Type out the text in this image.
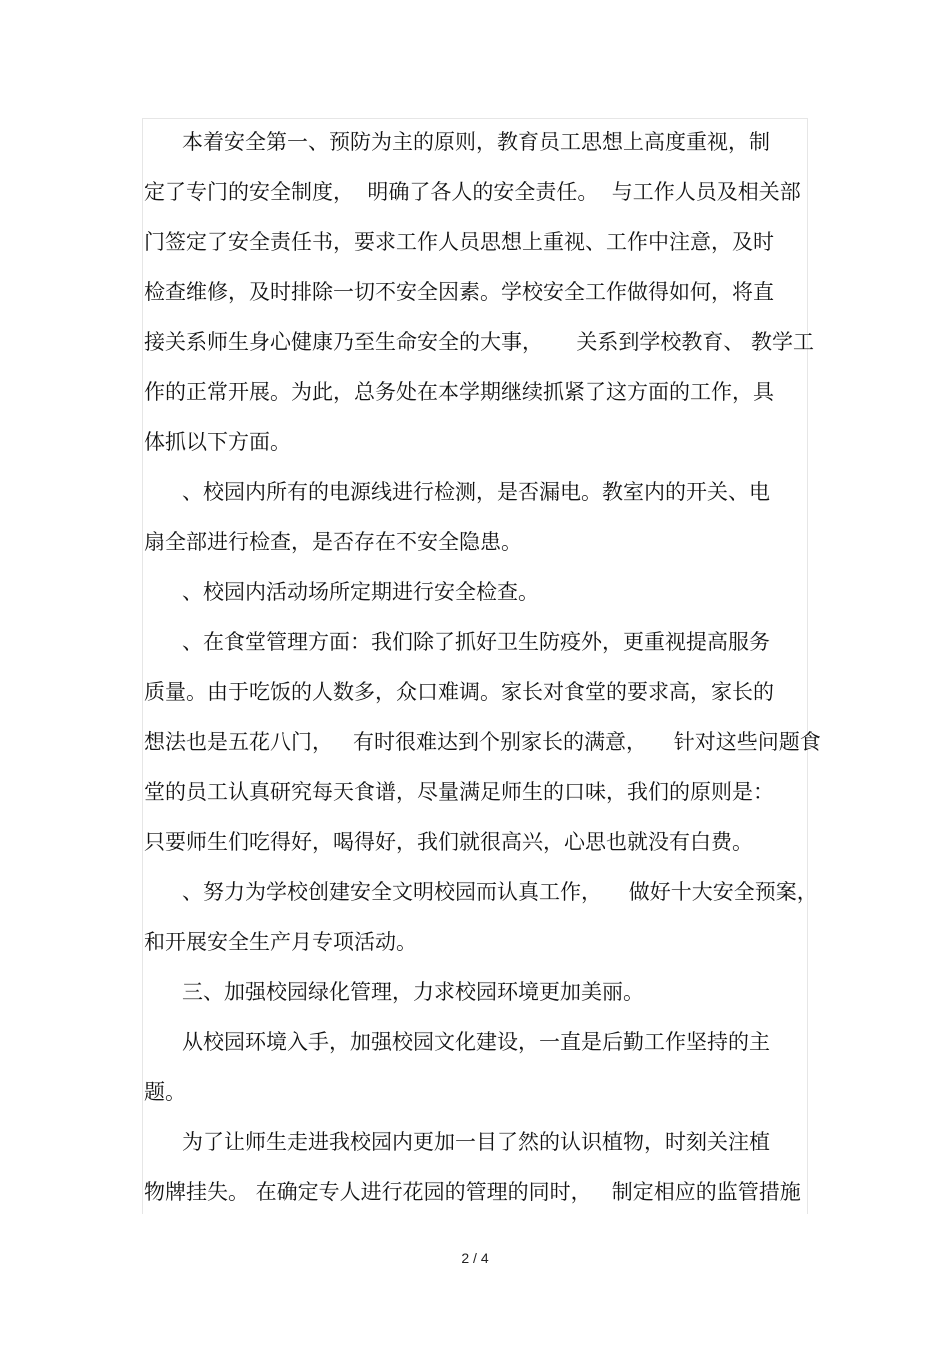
本着安全第一、预防为主的原则，教育员工思想上高度重视，制
定了专门的安全制度，  明确了各人的安全责任。  与工作人员及相关部
门签定了安全责任书，要求工作人员思想上重视、工作中注意，及时
检查维修，及时排除一切不安全因素。学校安全工作做得如何，将直
接关系师生身心健康乃至生命安全的大事，     关系到学校教育、 教学工
作的正常开展。为此，总务处在本学期继续抓紧了这方面的工作，具
体抓以下方面。
、校园内所有的电源线进行检测，是否漏电。教室内的开关、电
扇全部进行检查，是否存在不安全隐患。
、校园内活动场所定期进行安全检查。
、在食堂管理方面：我们除了抓好卫生防疫外，更重视提高服务
质量。由于吃饭的人数多，众口难调。家长对食堂的要求高，家长的
想法也是五花八门，   有时很难达到个别家长的满意，    针对这些问题食
堂的员工认真研究每天食谱，尽量满足师生的口味，我们的原则是：
只要师生们吃得好，喝得好，我们就很高兴，心思也就没有白费。
、努力为学校创建安全文明校园而认真工作，    做好十大安全预案，
和开展安全生产月专项活动。
三、加强校园绿化管理，力求校园环境更加美丽。
从校园环境入手，加强校园文化建设，一直是后勤工作坚持的主
题。
为了让师生走进我校园内更加一目了然的认识植物，时刻关注植
物牌挂失。 在确定专人进行花园的管理的同时，   制定相应的监管措施
2 / 4
